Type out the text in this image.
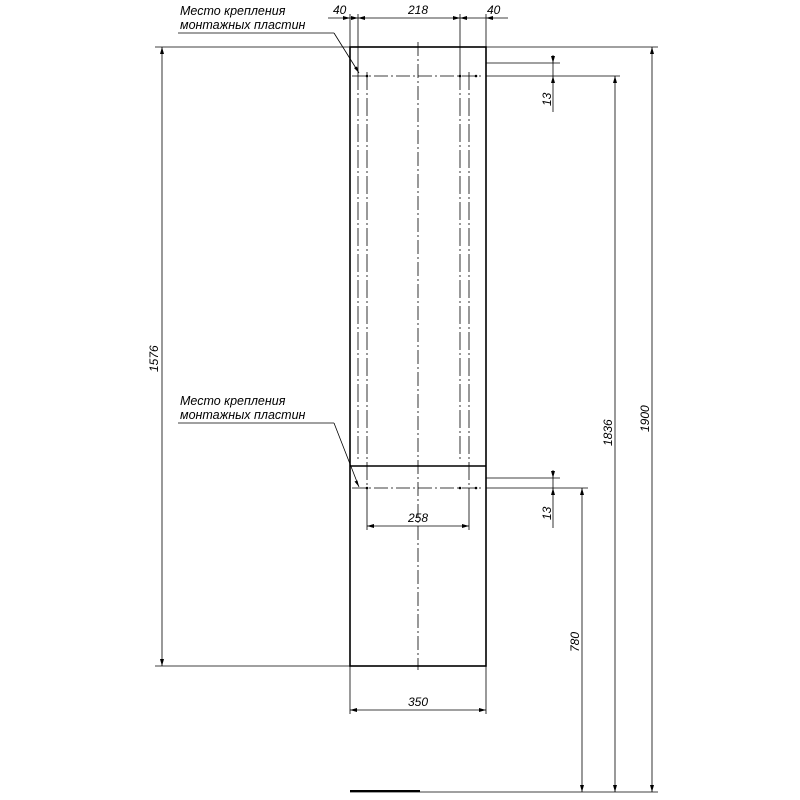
40	218	40
Место крепления
монтажных пластин
Место крепления
монтажных пластин
13
13
258
350
1576
780
1836
1900
